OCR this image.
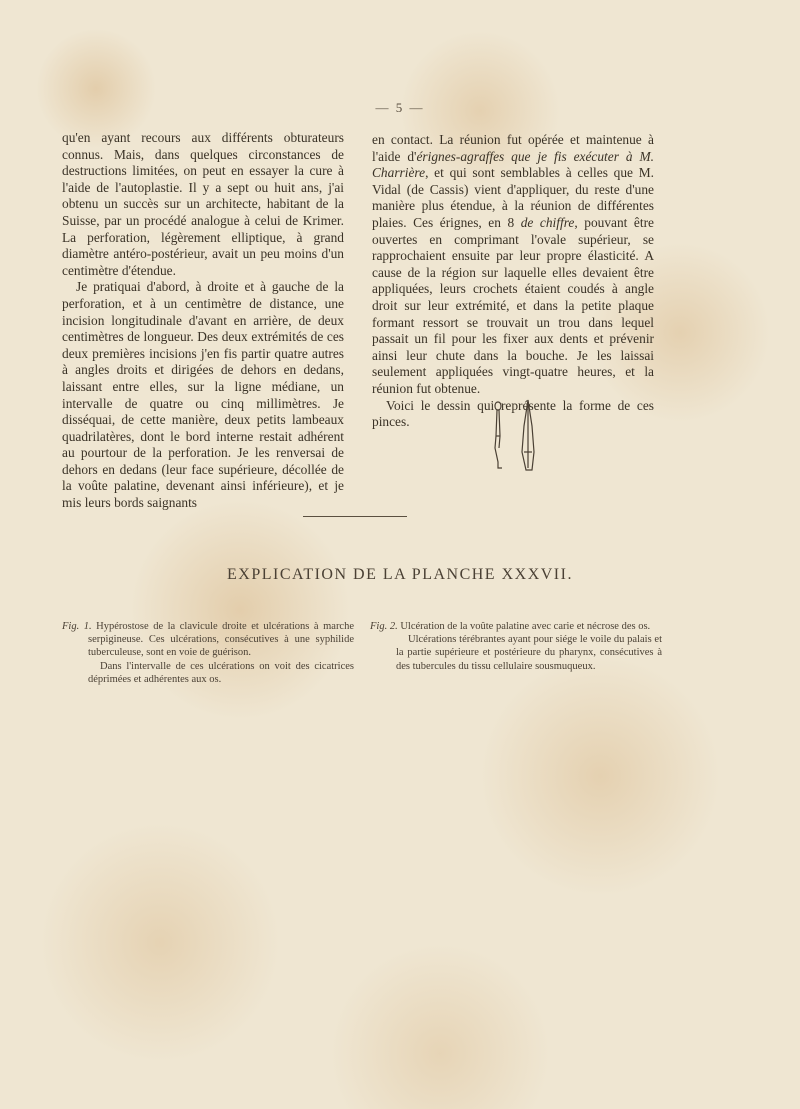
— 5 —

qu'en ayant recours aux différents obturateurs connus. Mais, dans quelques circonstances de destructions limitées, on peut en essayer la cure à l'aide de l'autoplastie. Il y a sept ou huit ans, j'ai obtenu un succès sur un architecte, habitant de la Suisse, par un procédé analogue à celui de Krimer. La perforation, légèrement elliptique, à grand diamètre antéro-postérieur, avait un peu moins d'un centimètre d'étendue.

Je pratiquai d'abord, à droite et à gauche de la perforation, et à un centimètre de distance, une incision longitudinale d'avant en arrière, de deux centimètres de longueur. Des deux extrémités de ces deux premières incisions j'en fis partir quatre autres à angles droits et dirigées de dehors en dedans, laissant entre elles, sur la ligne médiane, un intervalle de quatre ou cinq millimètres. Je disséquai, de cette manière, deux petits lambeaux quadrilatères, dont le bord interne restait adhérent au pourtour de la perforation. Je les renversai de dehors en dedans (leur face supérieure, décollée de la voûte palatine, devenant ainsi inférieure), et je mis leurs bords saignants

en contact. La réunion fut opérée et maintenue à l'aide d'érignes-agraffes que je fis exécuter à M. Charrière, et qui sont semblables à celles que M. Vidal (de Cassis) vient d'appliquer, du reste d'une manière plus étendue, à la réunion de différentes plaies. Ces érignes, en 8 de chiffre, pouvant être ouvertes en comprimant l'ovale supérieur, se rapprochaient ensuite par leur propre élasticité. A cause de la région sur laquelle elles devaient être appliquées, leurs crochets étaient coudés à angle droit sur leur extrémité, et dans la petite plaque formant ressort se trouvait un trou dans lequel passait un fil pour les fixer aux dents et prévenir ainsi leur chute dans la bouche. Je les laissai seulement appliquées vingt-quatre heures, et la réunion fut obtenue.

Voici le dessin qui représente la forme de ces pinces.

EXPLICATION DE LA PLANCHE XXXVII.

Fig. 1. Hypérostose de la clavicule droite et ulcérations à marche serpigineuse. Ces ulcérations, consécutives à une syphilide tuberculeuse, sont en voie de guérison.

Dans l'intervalle de ces ulcérations on voit des cicatrices déprimées et adhérentes aux os.

Fig. 2. Ulcération de la voûte palatine avec carie et nécrose des os.

Ulcérations térébrantes ayant pour siége le voile du palais et la partie supérieure et postérieure du pharynx, consécutives à des tubercules du tissu cellulaire sousmuqueux.
